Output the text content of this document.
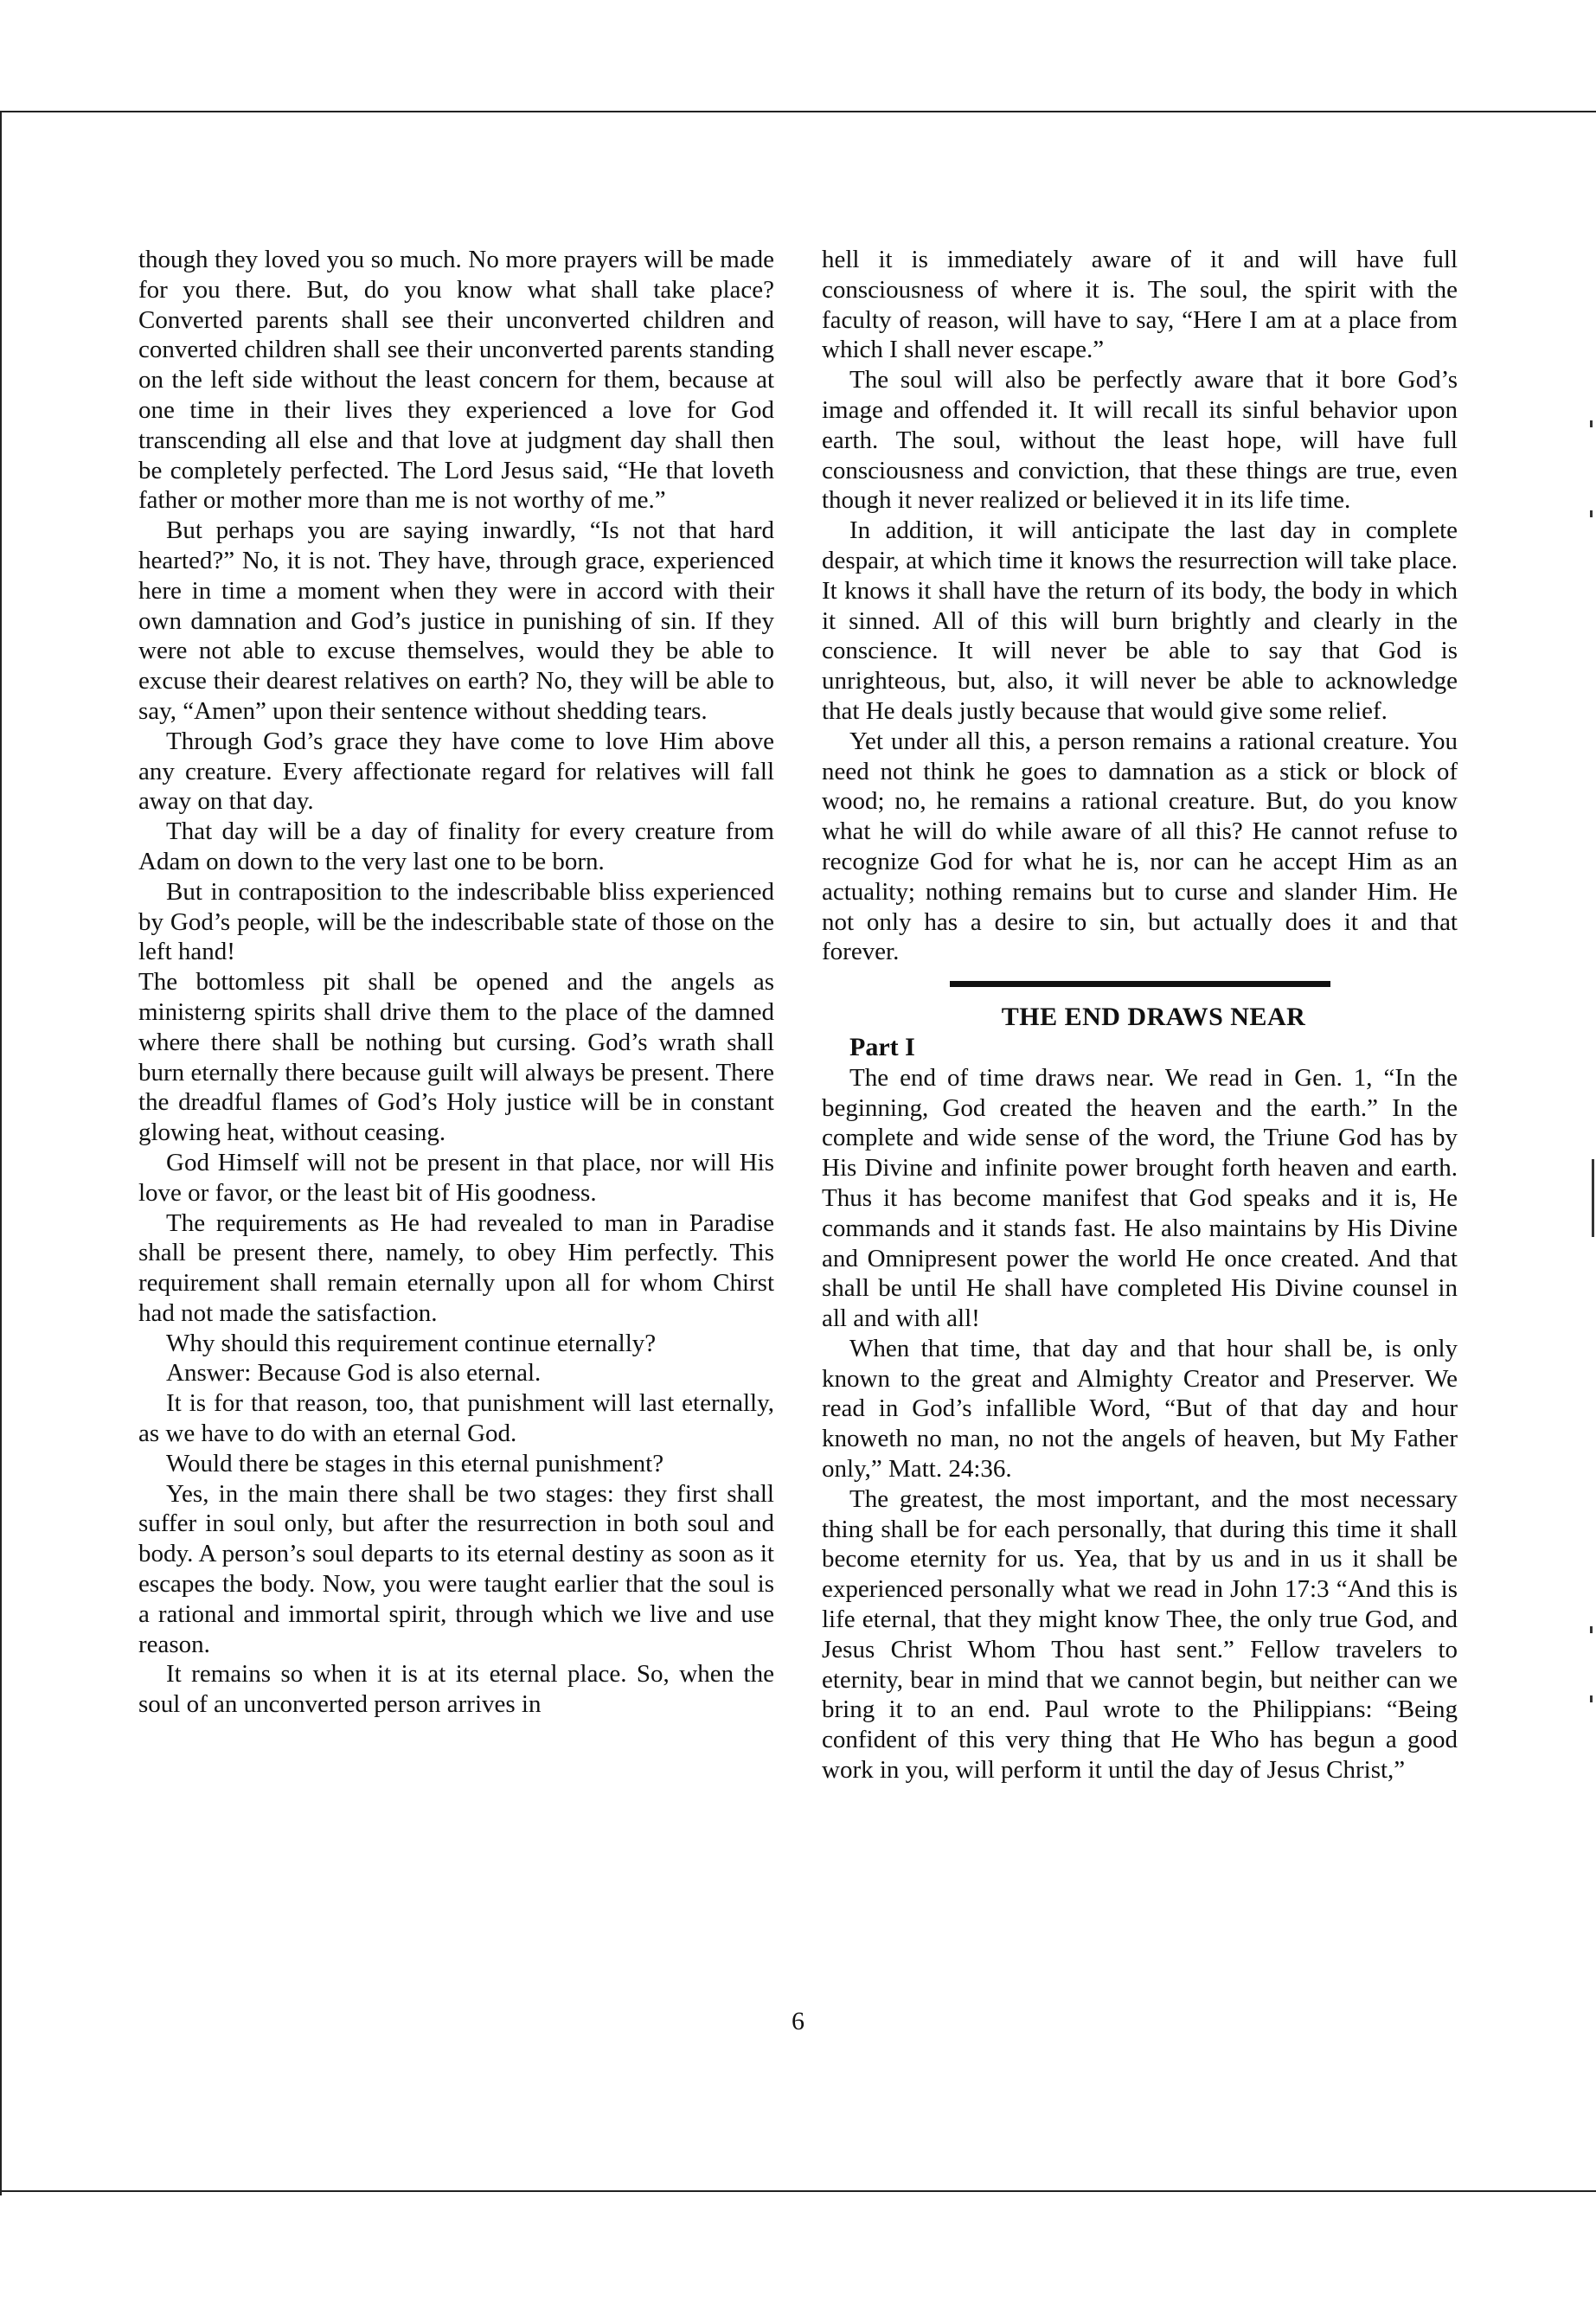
though they loved you so much. No more prayers will be made for you there. But, do you know what shall take place? Converted parents shall see their unconverted children and converted children shall see their unconverted parents standing on the left side without the least concern for them, because at one time in their lives they experienced a love for God transcending all else and that love at judgment day shall then be completely perfected. The Lord Jesus said, “He that loveth father or mother more than me is not worthy of me.”

But perhaps you are saying inwardly, “Is not that hard hearted?” No, it is not. They have, through grace, experienced here in time a moment when they were in accord with their own damnation and God’s justice in punishing of sin. If they were not able to excuse themselves, would they be able to excuse their dearest relatives on earth? No, they will be able to say, “Amen” upon their sentence without shedding tears.

Through God’s grace they have come to love Him above any creature. Every affectionate regard for relatives will fall away on that day.

That day will be a day of finality for every creature from Adam on down to the very last one to be born.

But in contraposition to the indescribable bliss experienced by God’s people, will be the indescribable state of those on the left hand!

The bottomless pit shall be opened and the angels as ministerng spirits shall drive them to the place of the damned where there shall be nothing but cursing. God’s wrath shall burn eternally there because guilt will always be present. There the dreadful flames of God’s Holy justice will be in constant glowing heat, without ceasing.

God Himself will not be present in that place, nor will His love or favor, or the least bit of His goodness.

The requirements as He had revealed to man in Paradise shall be present there, namely, to obey Him perfectly. This requirement shall remain eternally upon all for whom Chirst had not made the satisfaction.

Why should this requirement continue eternally?

Answer: Because God is also eternal.

It is for that reason, too, that punishment will last eternally, as we have to do with an eternal God.

Would there be stages in this eternal punishment?

Yes, in the main there shall be two stages: they first shall suffer in soul only, but after the resurrection in both soul and body. A person’s soul departs to its eternal destiny as soon as it escapes the body. Now, you were taught earlier that the soul is a rational and immortal spirit, through which we live and use reason.

It remains so when it is at its eternal place. So, when the soul of an unconverted person arrives in

hell it is immediately aware of it and will have full consciousness of where it is. The soul, the spirit with the faculty of reason, will have to say, “Here I am at a place from which I shall never escape.”

The soul will also be perfectly aware that it bore God’s image and offended it. It will recall its sinful behavior upon earth. The soul, without the least hope, will have full consciousness and conviction, that these things are true, even though it never realized or believed it in its life time.

In addition, it will anticipate the last day in complete despair, at which time it knows the resurrection will take place. It knows it shall have the return of its body, the body in which it sinned. All of this will burn brightly and clearly in the conscience. It will never be able to say that God is unrighteous, but, also, it will never be able to acknowledge that He deals justly because that would give some relief.

Yet under all this, a person remains a rational creature. You need not think he goes to damnation as a stick or block of wood; no, he remains a rational creature. But, do you know what he will do while aware of all this? He cannot refuse to recognize God for what he is, nor can he accept Him as an actuality; nothing remains but to curse and slander Him. He not only has a desire to sin, but actually does it and that forever.

THE END DRAWS NEAR

Part I

The end of time draws near. We read in Gen. 1, “In the beginning, God created the heaven and the earth.” In the complete and wide sense of the word, the Triune God has by His Divine and infinite power brought forth heaven and earth. Thus it has become manifest that God speaks and it is, He commands and it stands fast. He also maintains by His Divine and Omnipresent power the world He once created. And that shall be until He shall have completed His Divine counsel in all and with all!

When that time, that day and that hour shall be, is only known to the great and Almighty Creator and Preserver. We read in God’s infallible Word, “But of that day and hour knoweth no man, no not the angels of heaven, but My Father only,” Matt. 24:36.

The greatest, the most important, and the most necessary thing shall be for each personally, that during this time it shall become eternity for us. Yea, that by us and in us it shall be experienced personally what we read in John 17:3 “And this is life eternal, that they might know Thee, the only true God, and Jesus Christ Whom Thou hast sent.” Fellow travelers to eternity, bear in mind that we cannot begin, but neither can we bring it to an end. Paul wrote to the Philippians: “Being confident of this very thing that He Who has begun a good work in you, will perform it until the day of Jesus Christ,”

6
